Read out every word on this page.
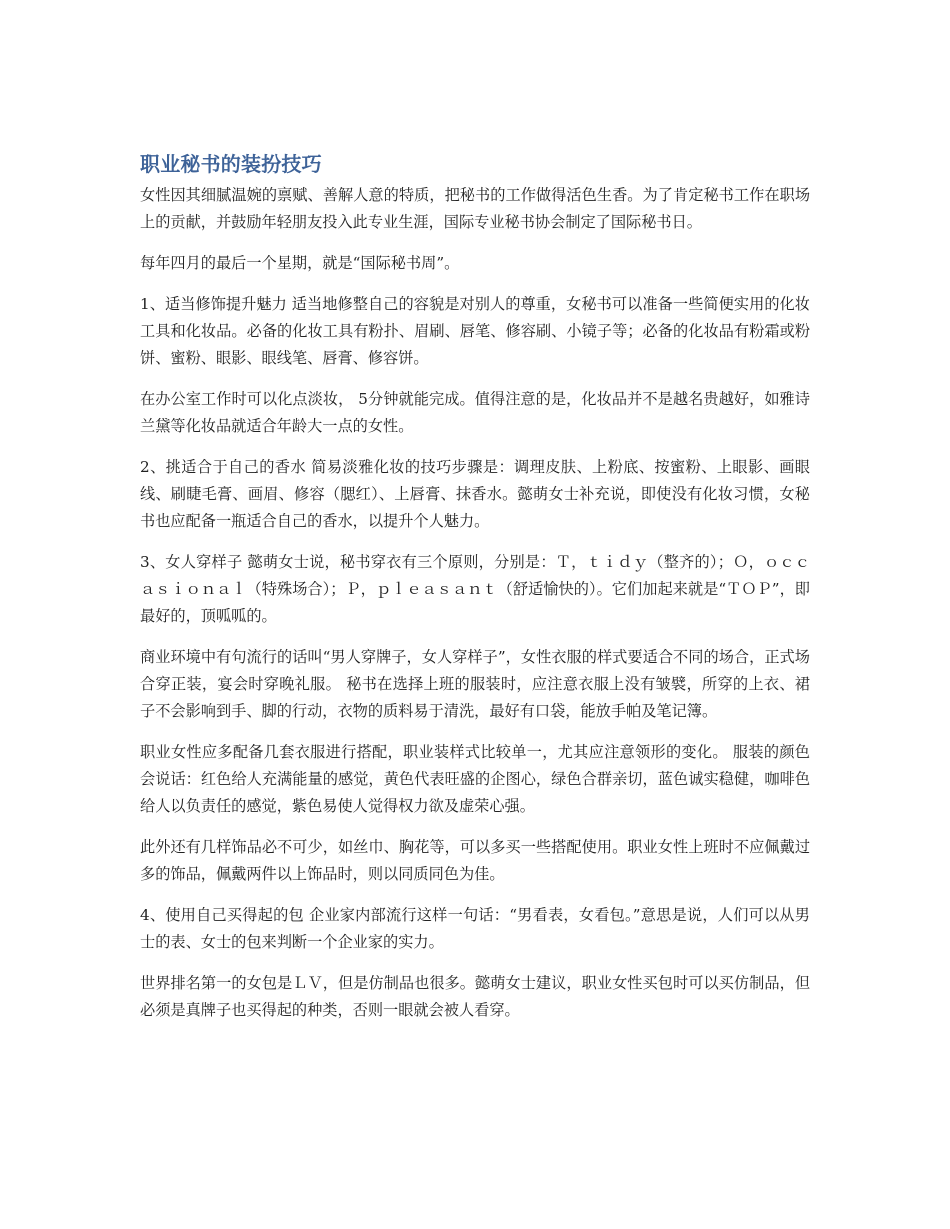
职业秘书的装扮技巧

女性因其细腻温婉的禀赋、善解人意的特质，把秘书的工作做得活色生香。为了肯定秘书工作在职场上的贡献，并鼓励年轻朋友投入此专业生涯，国际专业秘书协会制定了国际秘书日。

每年四月的最后一个星期，就是“国际秘书周”。

1、适当修饰提升魅力 适当地修整自己的容貌是对别人的尊重，女秘书可以准备一些简便实用的化妆工具和化妆品。必备的化妆工具有粉扑、眉刷、唇笔、修容刷、小镜子等；必备的化妆品有粉霜或粉饼、蜜粉、眼影、眼线笔、唇膏、修容饼。

在办公室工作时可以化点淡妆， 5分钟就能完成。值得注意的是，化妆品并不是越名贵越好，如雅诗兰黛等化妆品就适合年龄大一点的女性。

2、挑适合于自己的香水 简易淡雅化妆的技巧步骤是：调理皮肤、上粉底、按蜜粉、上眼影、画眼线、刷睫毛膏、画眉、修容（腮红）、上唇膏、抹香水。懿萌女士补充说，即使没有化妆习惯，女秘书也应配备一瓶适合自己的香水，以提升个人魅力。

3、女人穿样子 懿萌女士说，秘书穿衣有三个原则，分别是：Ｔ，ｔｉｄｙ（整齐的）；Ｏ，ｏｃｃａｓｉｏｎａｌ（特殊场合）；Ｐ，ｐｌｅａｓａｎｔ（舒适愉快的）。它们加起来就是“ＴＯＰ”，即最好的，顶呱呱的。

商业环境中有句流行的话叫“男人穿牌子，女人穿样子”，女性衣服的样式要适合不同的场合，正式场合穿正装，宴会时穿晚礼服。 秘书在选择上班的服装时，应注意衣服上没有皱襞，所穿的上衣、裙子不会影响到手、脚的行动，衣物的质料易于清洗，最好有口袋，能放手帕及笔记簿。

职业女性应多配备几套衣服进行搭配，职业装样式比较单一，尤其应注意领形的变化。 服装的颜色会说话：红色给人充满能量的感觉，黄色代表旺盛的企图心，绿色合群亲切，蓝色诚实稳健，咖啡色给人以负责任的感觉，紫色易使人觉得权力欲及虚荣心强。

此外还有几样饰品必不可少，如丝巾、胸花等，可以多买一些搭配使用。职业女性上班时不应佩戴过多的饰品，佩戴两件以上饰品时，则以同质同色为佳。

4、使用自己买得起的包 企业家内部流行这样一句话：“男看表，女看包。”意思是说，人们可以从男士的表、女士的包来判断一个企业家的实力。

世界排名第一的女包是ＬＶ，但是仿制品也很多。懿萌女士建议，职业女性买包时可以买仿制品，但必须是真牌子也买得起的种类，否则一眼就会被人看穿。
